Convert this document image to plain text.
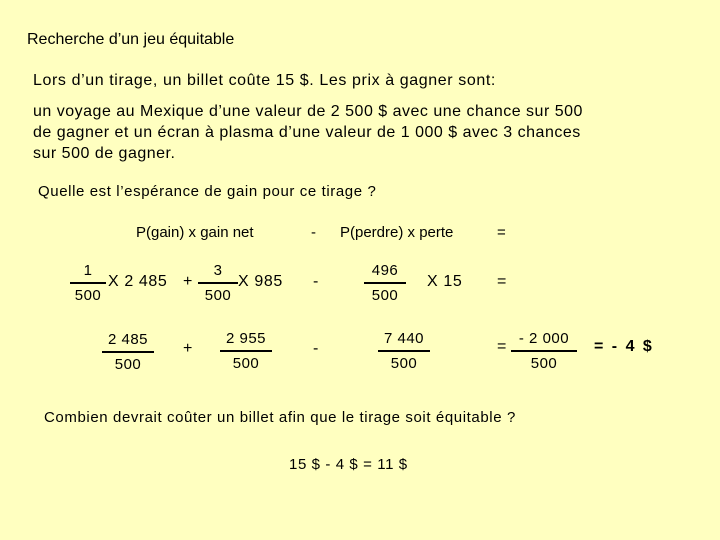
Recherche d’un jeu équitable
Lors d’un tirage, un billet coûte 15 $. Les prix à gagner sont:
un voyage au Mexique d’une valeur de 2 500 $ avec une chance sur 500
de gagner et un écran à plasma d’une valeur de 1 000 $ avec 3 chances
sur 500 de gagner.
Quelle est l’espérance de gain pour ce tirage ?
P(gain) x gain net	- P(perdre) x perte	=
1
500
X 2 485 +
3
500
X 985 -
496
500
X 15 =
2 485
500
+
2 955
500
-
7 440
500
= - 2 000
500
= - 4 $
Combien devrait coûter un billet afin que le tirage soit équitable ?
15 $ - 4 $ = 11 $
